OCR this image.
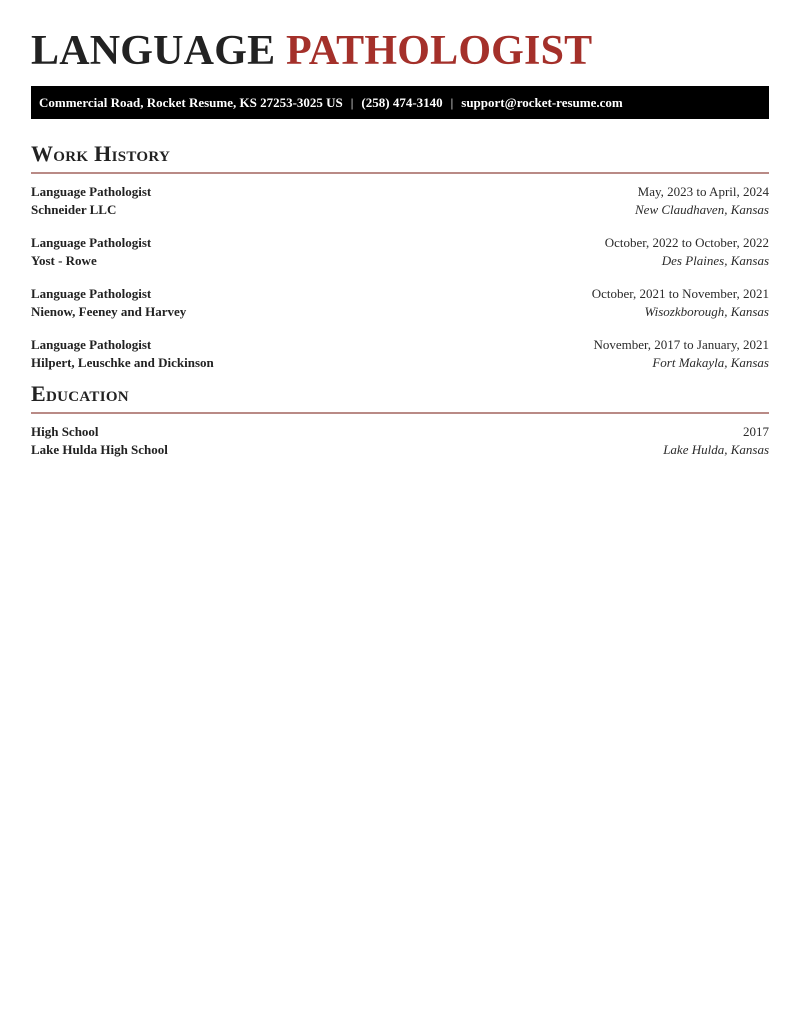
LANGUAGE PATHOLOGIST
Commercial Road, Rocket Resume, KS 27253-3025 US | (258) 474-3140 | support@rocket-resume.com
Work History
Language Pathologist	May, 2023 to April, 2024
Schneider LLC	New Claudhaven, Kansas
Language Pathologist	October, 2022 to October, 2022
Yost - Rowe	Des Plaines, Kansas
Language Pathologist	October, 2021 to November, 2021
Nienow, Feeney and Harvey	Wisozkborough, Kansas
Language Pathologist	November, 2017 to January, 2021
Hilpert, Leuschke and Dickinson	Fort Makayla, Kansas
Education
High School	2017
Lake Hulda High School	Lake Hulda, Kansas
